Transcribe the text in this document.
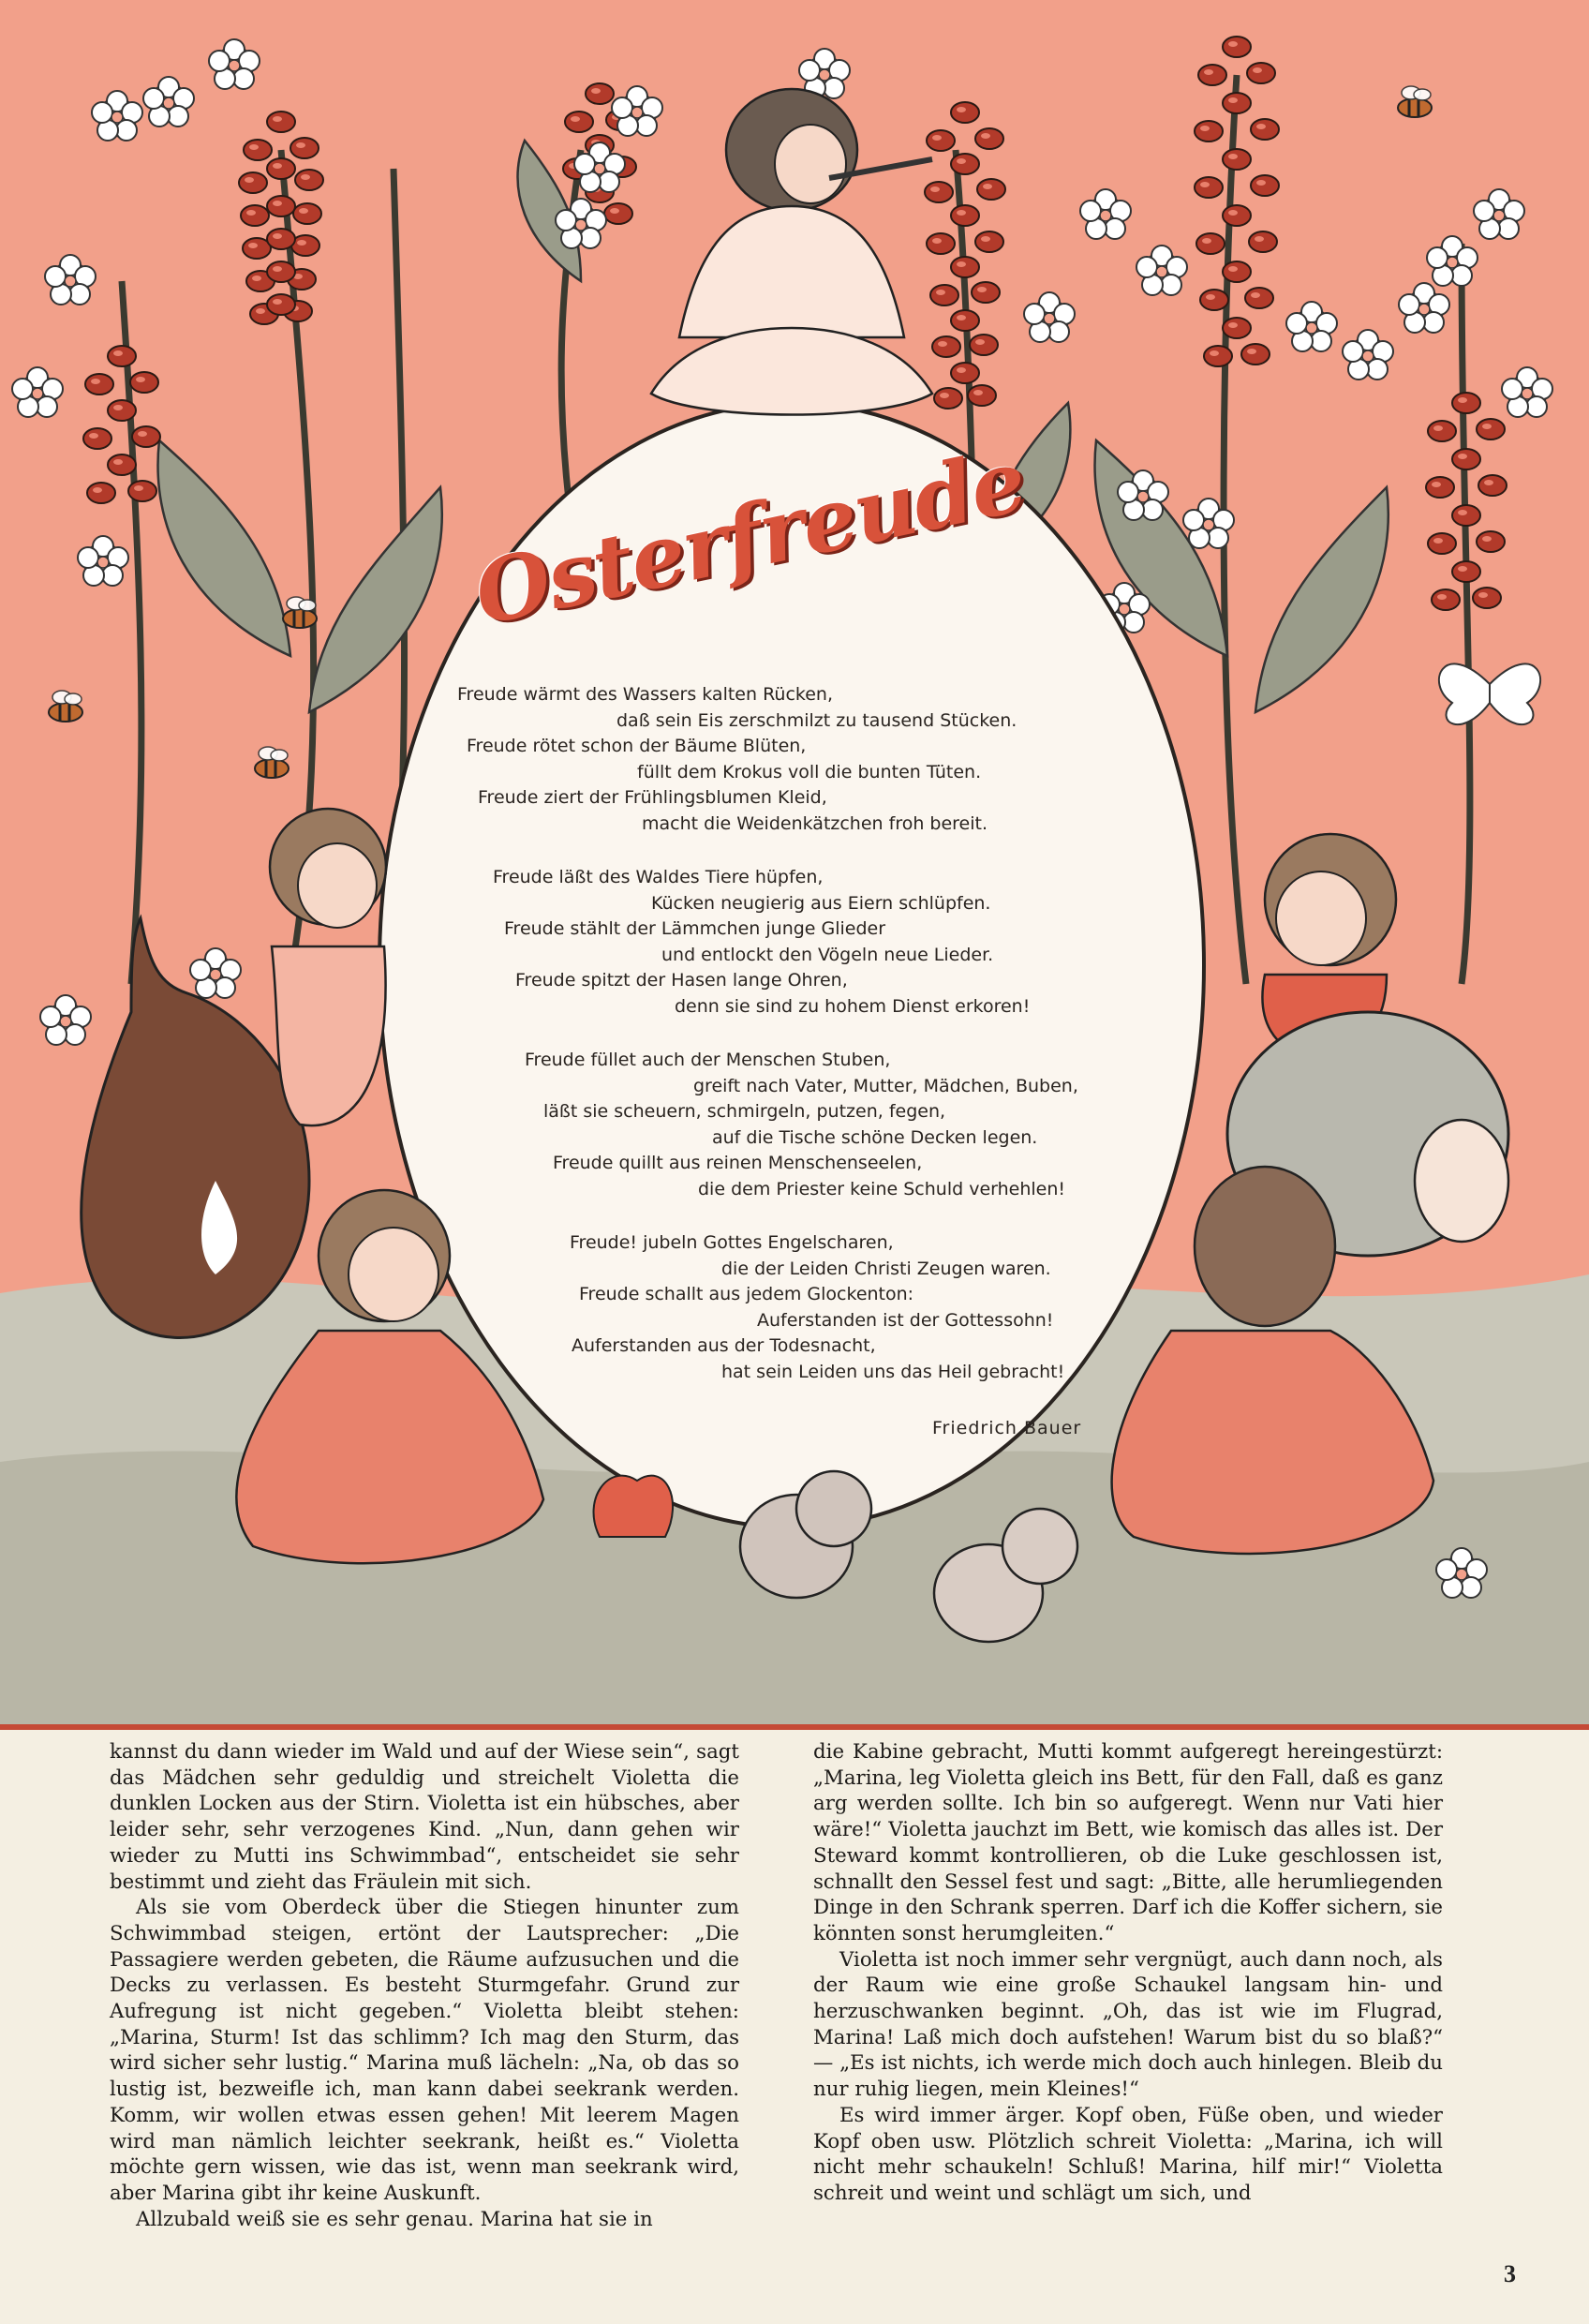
Osterfreude
Freude wärmt des Wassers kalten Rücken,
daß sein Eis zerschmilzt zu tausend Stücken.
Freude rötet schon der Bäume Blüten,
füllt dem Krokus voll die bunten Tüten.
Freude ziert der Frühlingsblumen Kleid,
macht die Weidenkätzchen froh bereit.
Freude läßt des Waldes Tiere hüpfen,
Kücken neugierig aus Eiern schlüpfen.
Freude stählt der Lämmchen junge Glieder
und entlockt den Vögeln neue Lieder.
Freude spitzt der Hasen lange Ohren,
denn sie sind zu hohem Dienst erkoren!
Freude füllet auch der Menschen Stuben,
greift nach Vater, Mutter, Mädchen, Buben,
läßt sie scheuern, schmirgeln, putzen, fegen,
auf die Tische schöne Decken legen.
Freude quillt aus reinen Menschenseelen,
die dem Priester keine Schuld verhehlen!
Freude! jubeln Gottes Engelscharen,
die der Leiden Christi Zeugen waren.
Freude schallt aus jedem Glockenton:
Auferstanden ist der Gottessohn!
Auferstanden aus der Todesnacht,
hat sein Leiden uns das Heil gebracht!
Friedrich Bauer

kannst du dann wieder im Wald und auf der Wiese sein“, sagt das Mädchen sehr geduldig und streichelt Violetta die dunklen Locken aus der Stirn. Violetta ist ein hübsches, aber leider sehr, sehr verzogenes Kind. „Nun, dann gehen wir wieder zu Mutti ins Schwimmbad“, entscheidet sie sehr bestimmt und zieht das Fräulein mit sich.

Als sie vom Oberdeck über die Stiegen hinunter zum Schwimmbad steigen, ertönt der Lautsprecher: „Die Passagiere werden gebeten, die Räume aufzusuchen und die Decks zu verlassen. Es besteht Sturmgefahr. Grund zur Aufregung ist nicht gegeben.“ Violetta bleibt stehen: „Marina, Sturm! Ist das schlimm? Ich mag den Sturm, das wird sicher sehr lustig.“ Marina muß lächeln: „Na, ob das so lustig ist, bezweifle ich, man kann dabei seekrank werden. Komm, wir wollen etwas essen gehen! Mit leerem Magen wird man nämlich leichter seekrank, heißt es.“ Violetta möchte gern wissen, wie das ist, wenn man seekrank wird, aber Marina gibt ihr keine Auskunft.

Allzubald weiß sie es sehr genau. Marina hat sie in

die Kabine gebracht, Mutti kommt aufgeregt hereingestürzt: „Marina, leg Violetta gleich ins Bett, für den Fall, daß es ganz arg werden sollte. Ich bin so aufgeregt. Wenn nur Vati hier wäre!“ Violetta jauchzt im Bett, wie komisch das alles ist. Der Steward kommt kontrollieren, ob die Luke geschlossen ist, schnallt den Sessel fest und sagt: „Bitte, alle herumliegenden Dinge in den Schrank sperren. Darf ich die Koffer sichern, sie könnten sonst herumgleiten.“

Violetta ist noch immer sehr vergnügt, auch dann noch, als der Raum wie eine große Schaukel langsam hin- und herzuschwanken beginnt. „Oh, das ist wie im Flugrad, Marina! Laß mich doch aufstehen! Warum bist du so blaß?“ — „Es ist nichts, ich werde mich doch auch hinlegen. Bleib du nur ruhig liegen, mein Kleines!“

Es wird immer ärger. Kopf oben, Füße oben, und wieder Kopf oben usw. Plötzlich schreit Violetta: „Marina, ich will nicht mehr schaukeln! Schluß! Marina, hilf mir!“ Violetta schreit und weint und schlägt um sich, und

3
